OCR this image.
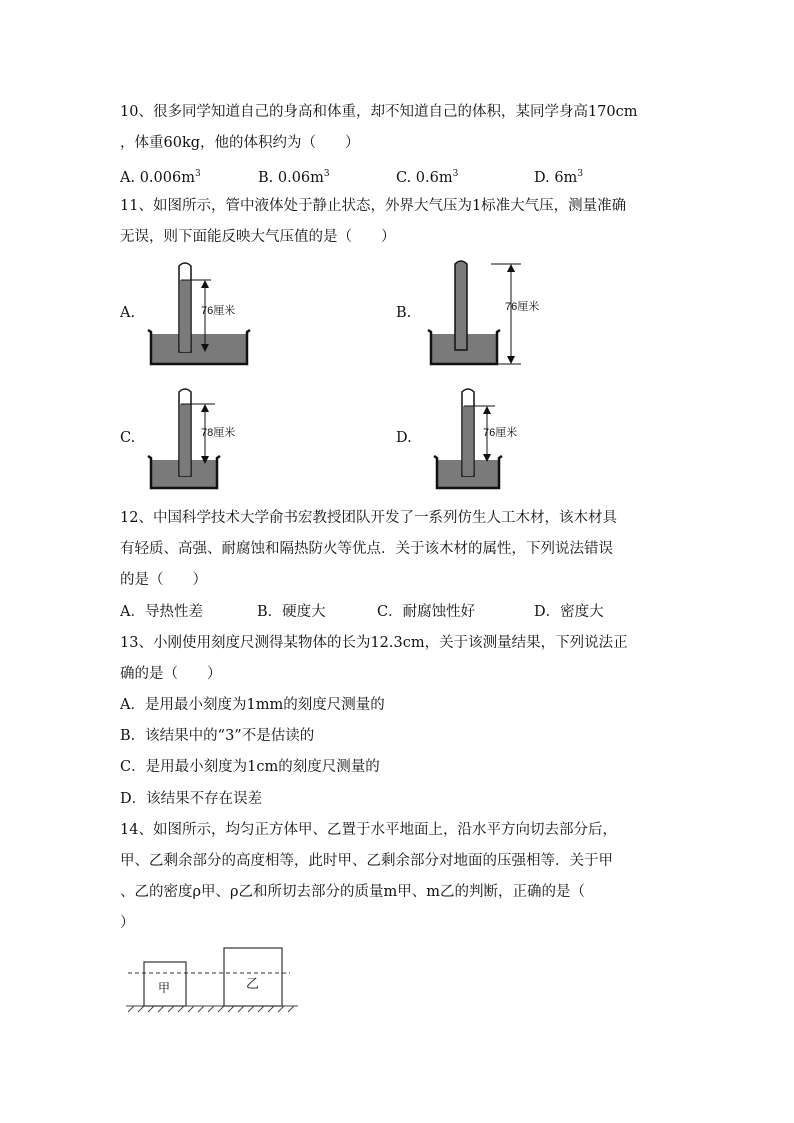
10、很多同学知道自己的身高和体重，却不知道自己的体积，某同学身高170cm
，体重60kg，他的体积约为（　　）
A. $0.006m^3$	B. $0.06m^3$	C. $0.6m^3$	D. $6m^3$
11、如图所示，管中液体处于静止状态，外界大气压为1标准大气压，测量准确
无误，则下面能反映大气压值的是（　　）
A.	76厘米	B.	76厘米
C.	78厘米	D.	76厘米
12、中国科学技术大学俞书宏教授团队开发了一系列仿生人工木材，该木材具
有轻质、高强、耐腐蚀和隔热防火等优点．关于该木材的属性，下列说法错误
的是（　　）
A．导热性差	B．硬度大	C．耐腐蚀性好	D．密度大
13、小刚使用刻度尺测得某物体的长为12.3cm，关于该测量结果，下列说法正
确的是（　　）
A．是用最小刻度为1mm的刻度尺测量的
B．该结果中的“3”不是估读的
C．是用最小刻度为1cm的刻度尺测量的
D．该结果不存在误差
14、如图所示，均匀正方体甲、乙置于水平地面上，沿水平方向切去部分后，
甲、乙剩余部分的高度相等，此时甲、乙剩余部分对地面的压强相等．关于甲
、乙的密度ρ甲、ρ乙和所切去部分的质量m甲、m乙的判断，正确的是（
）
甲	乙
